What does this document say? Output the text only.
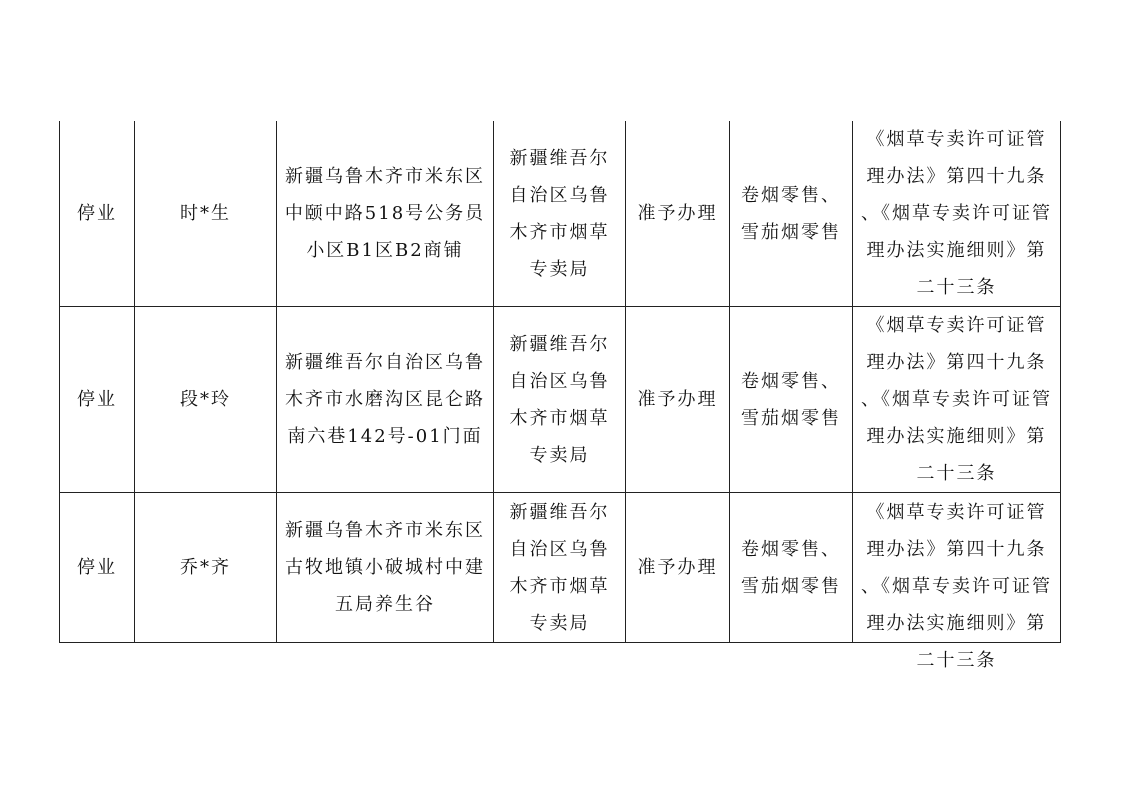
停业	时*生	新疆乌鲁木齐市米东区中颐中路518号公务员小区B1区B2商铺	新疆维吾尔自治区乌鲁木齐市烟草专卖局	准予办理	卷烟零售、雪茄烟零售	《烟草专卖许可证管理办法》第四十九条 、《烟草专卖许可证管理办法实施细则》第二十三条
停业	段*玲	新疆维吾尔自治区乌鲁木齐市水磨沟区昆仑路南六巷142号-01门面	新疆维吾尔自治区乌鲁木齐市烟草专卖局	准予办理	卷烟零售、雪茄烟零售	《烟草专卖许可证管理办法》第四十九条 、《烟草专卖许可证管理办法实施细则》第二十三条
停业	乔*齐	新疆乌鲁木齐市米东区古牧地镇小破城村中建五局养生谷	新疆维吾尔自治区乌鲁木齐市烟草专卖局	准予办理	卷烟零售、雪茄烟零售	《烟草专卖许可证管理办法》第四十九条 、《烟草专卖许可证管理办法实施细则》第二十三条
